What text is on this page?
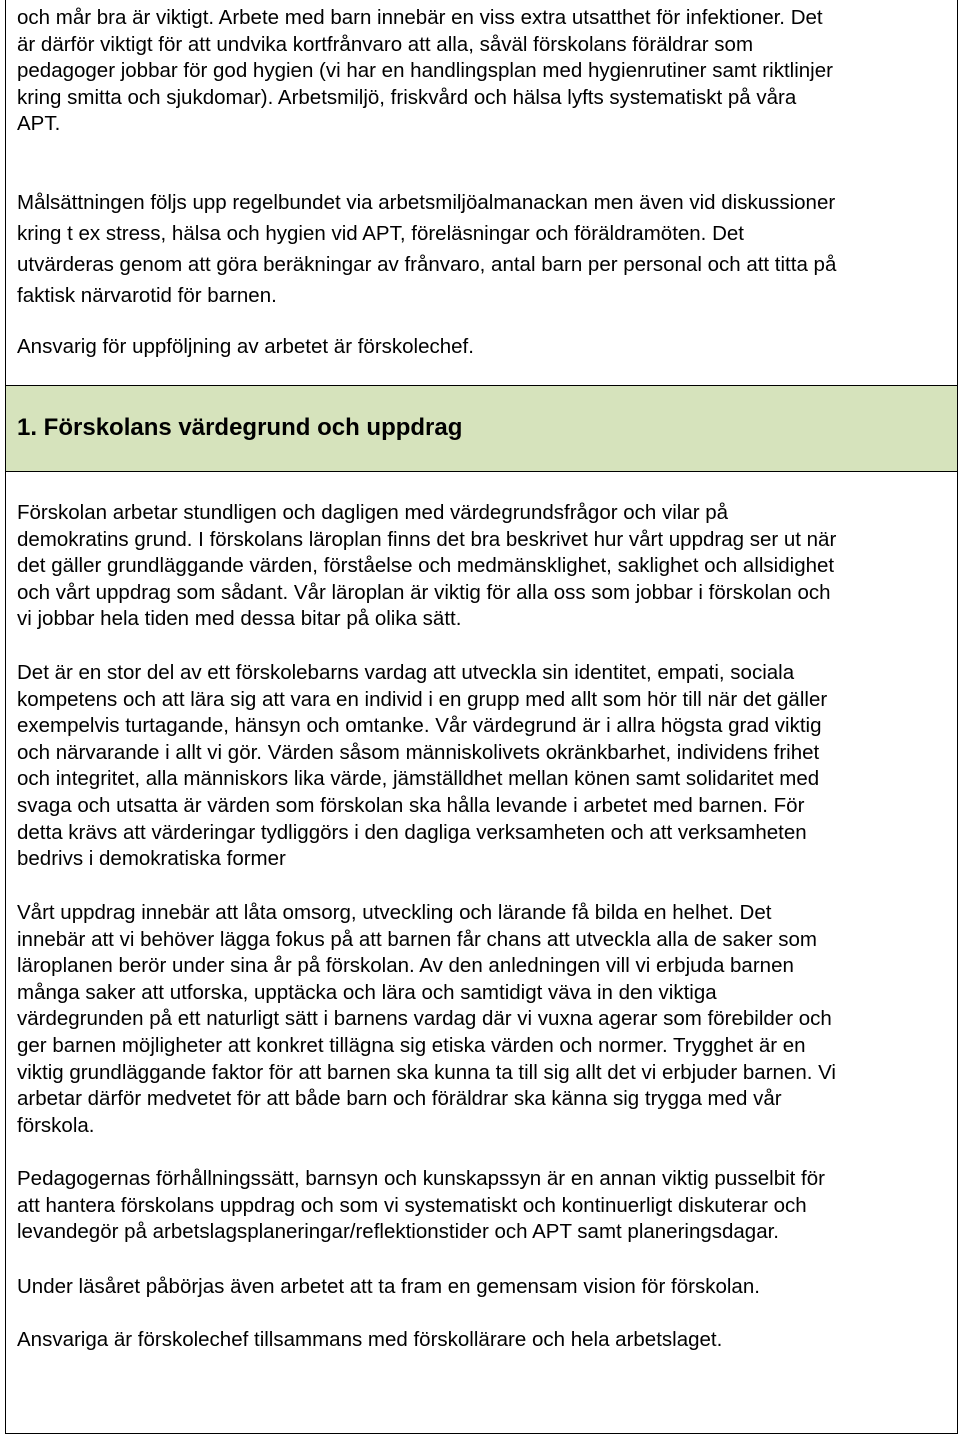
och mår bra är viktigt. Arbete med barn innebär en viss extra utsatthet för infektioner. Det
är därför viktigt för att undvika kortfrånvaro att alla, såväl förskolans föräldrar som
pedagoger jobbar för god hygien (vi har en handlingsplan med hygienrutiner samt riktlinjer
kring smitta och sjukdomar). Arbetsmiljö, friskvård och hälsa lyfts systematiskt på våra
APT.

Målsättningen följs upp regelbundet via arbetsmiljöalmanackan men även vid diskussioner
kring t ex stress, hälsa och hygien vid APT, föreläsningar och föräldramöten. Det
utvärderas genom att göra beräkningar av frånvaro, antal barn per personal och att titta på
faktisk närvarotid för barnen.

Ansvarig för uppföljning av arbetet är förskolechef.

1. Förskolans värdegrund och uppdrag

Förskolan arbetar stundligen och dagligen med värdegrundsfrågor och vilar på
demokratins grund. I förskolans läroplan finns det bra beskrivet hur vårt uppdrag ser ut när
det gäller grundläggande värden, förståelse och medmänsklighet, saklighet och allsidighet
och vårt uppdrag som sådant. Vår läroplan är viktig för alla oss som jobbar i förskolan och
vi jobbar hela tiden med dessa bitar på olika sätt.

Det är en stor del av ett förskolebarns vardag att utveckla sin identitet, empati, sociala
kompetens och att lära sig att vara en individ i en grupp med allt som hör till när det gäller
exempelvis turtagande, hänsyn och omtanke. Vår värdegrund är i allra högsta grad viktig
och närvarande i allt vi gör. Värden såsom människolivets okränkbarhet, individens frihet
och integritet, alla människors lika värde, jämställdhet mellan könen samt solidaritet med
svaga och utsatta är värden som förskolan ska hålla levande i arbetet med barnen. För
detta krävs att värderingar tydliggörs i den dagliga verksamheten och att verksamheten
bedrivs i demokratiska former

Vårt uppdrag innebär att låta omsorg, utveckling och lärande få bilda en helhet. Det
innebär att vi behöver lägga fokus på att barnen får chans att utveckla alla de saker som
läroplanen berör under sina år på förskolan. Av den anledningen vill vi erbjuda barnen
många saker att utforska, upptäcka och lära och samtidigt väva in den viktiga
värdegrunden på ett naturligt sätt i barnens vardag där vi vuxna agerar som förebilder och
ger barnen möjligheter att konkret tillägna sig etiska värden och normer. Trygghet är en
viktig grundläggande faktor för att barnen ska kunna ta till sig allt det vi erbjuder barnen. Vi
arbetar därför medvetet för att både barn och föräldrar ska känna sig trygga med vår
förskola.

Pedagogernas förhållningssätt, barnsyn och kunskapssyn är en annan viktig pusselbit för
att hantera förskolans uppdrag och som vi systematiskt och kontinuerligt diskuterar och
levandegör på arbetslagsplaneringar/reflektionstider och APT samt planeringsdagar.

Under läsåret påbörjas även arbetet att ta fram en gemensam vision för förskolan.

Ansvariga är förskolechef tillsammans med förskollärare och hela arbetslaget.
